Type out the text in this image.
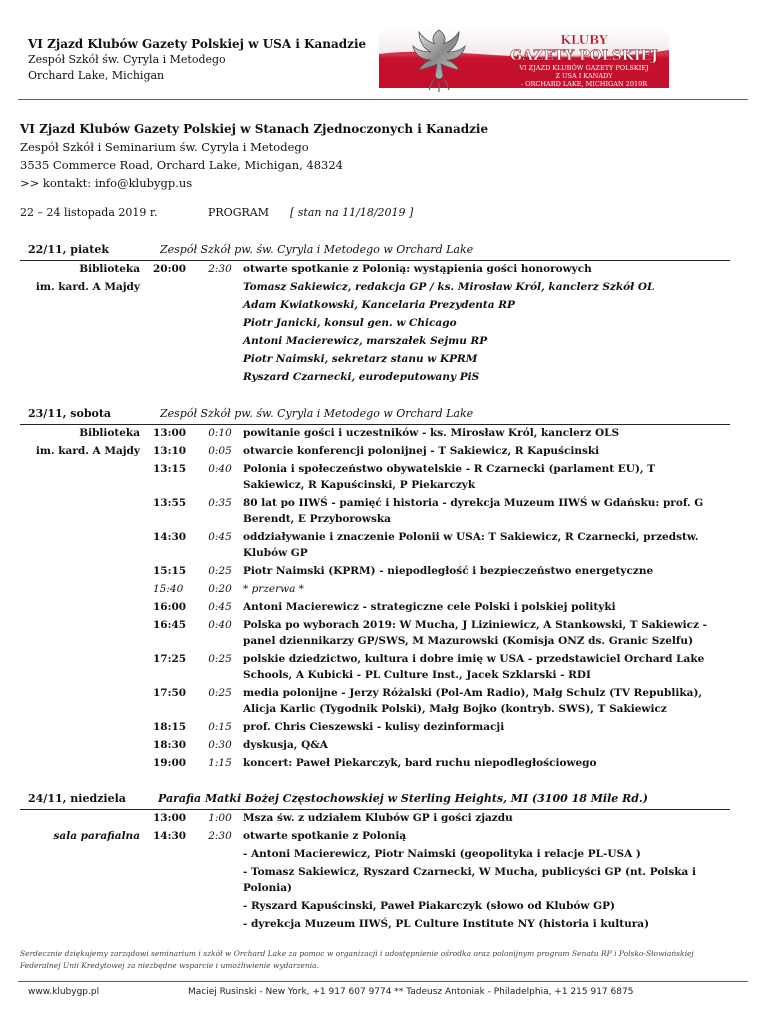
VI Zjazd Klubów Gazety Polskiej w USA i Kanadzie
Zespół Szkół św. Cyryla i Metodego
Orchard Lake, Michigan
KLUBY
GAZETY POLSKIEJ
VI ZJAZD KLUBÓW GAZETY POLSKIEJ
Z USA I KANADY
- ORCHARD LAKE, MICHIGAN 2019R
VI Zjazd Klubów Gazety Polskiej w Stanach Zjednoczonych i Kanadzie
Zespół Szkół i Seminarium św. Cyryla i Metodego
3535 Commerce Road, Orchard Lake, Michigan, 48324
>> kontakt: info@klubygp.us
22 – 24 listopada 2019 r.	PROGRAM [ stan na 11/18/2019 ]
22/11, piatek	Zespół Szkół pw. św. Cyryla i Metodego w Orchard Lake
Biblioteka 20:00	2:30	otwarte spotkanie z Polonią: wystąpienia gości honorowych
im. kard. A Majdy	Tomasz Sakiewicz, redakcja GP / ks. Mirosław Król, kanclerz Szkół OL
Adam Kwiatkowski, Kancelaria Prezydenta RP
Piotr Janicki, konsul gen. w Chicago
Antoni Macierewicz, marszałek Sejmu RP
Piotr Naimski, sekretarz stanu w KPRM
Ryszard Czarnecki, eurodeputowany PiS
23/11, sobota	Zespół Szkół pw. św. Cyryla i Metodego w Orchard Lake
Biblioteka 13:00	0:10	powitanie gości i uczestników - ks. Mirosław Król, kanclerz OLS
im. kard. A Majdy 13:10	0:05	otwarcie konferencji polonijnej - T Sakiewicz, R Kapuścinski
13:15	0:40	Polonia i społeczeństwo obywatelskie - R Czarnecki (parlament EU), T Sakiewicz, R Kapuścinski, P Piekarczyk
13:55	0:35	80 lat po IIWŚ - pamięć i historia - dyrekcja Muzeum IIWŚ w Gdańsku: prof. G Berendt, E Przyborowska
14:30	0:45	oddziaływanie i znaczenie Polonii w USA: T Sakiewicz, R Czarnecki, przedstw. Klubów GP
15:15	0:25	Piotr Naimski (KPRM) - niepodległość i bezpieczeństwo energetyczne
15:40	0:20	* przerwa *
16:00	0:45	Antoni Macierewicz - strategiczne cele Polski i polskiej polityki
16:45	0:40	Polska po wyborach 2019: W Mucha, J Liziniewicz, A Stankowski, T Sakiewicz - panel dziennikarzy GP/SWS, M Mazurowski (Komisja ONZ ds. Granic Szelfu)
17:25	0:25	polskie dziedzictwo, kultura i dobre imię w USA - przedstawiciel Orchard Lake Schools, A Kubicki - PL Culture Inst., Jacek Szklarski - RDI
17:50	0:25	media polonijne - Jerzy Różalski (Pol-Am Radio), Małg Schulz (TV Republika), Alicja Karlic (Tygodnik Polski), Małg Bojko (kontryb. SWS), T Sakiewicz
18:15	0:15	prof. Chris Cieszewski - kulisy dezinformacji
18:30	0:30	dyskusja, Q&A
19:00	1:15	koncert: Paweł Piekarczyk, bard ruchu niepodległościowego
24/11, niedziela	Parafia Matki Bożej Częstochowskiej w Sterling Heights, MI (3100 18 Mile Rd.)
13:00	1:00	Msza św. z udziałem Klubów GP i gości zjazdu
sala parafialna 14:30	2:30	otwarte spotkanie z Polonią
- Antoni Macierewicz, Piotr Naimski (geopolityka i relacje PL-USA )
- Tomasz Sakiewicz, Ryszard Czarnecki, W Mucha, publicyści GP (nt. Polska i Polonia)
- Ryszard Kapuścinski, Paweł Piakarczyk (słowo od Klubów GP)
- dyrekcja Muzeum IIWŚ, PL Culture Institute NY (historia i kultura)
Serdecznie dziękujemy zarządowi seminarium i szkół w Orchard Lake za pomoc w organizacji i udostępnienie ośrodka oraz polonijnym program Senatu RP i Polsko-Słowiańskiej Federalnej Unii Kredytowej za niezbędne wsparcie i umożliwienie wydarzenia.
www.klubygp.pl	Maciej Rusinski - New York, +1 917 607 9774 ** Tadeusz Antoniak - Philadelphia, +1 215 917 6875
